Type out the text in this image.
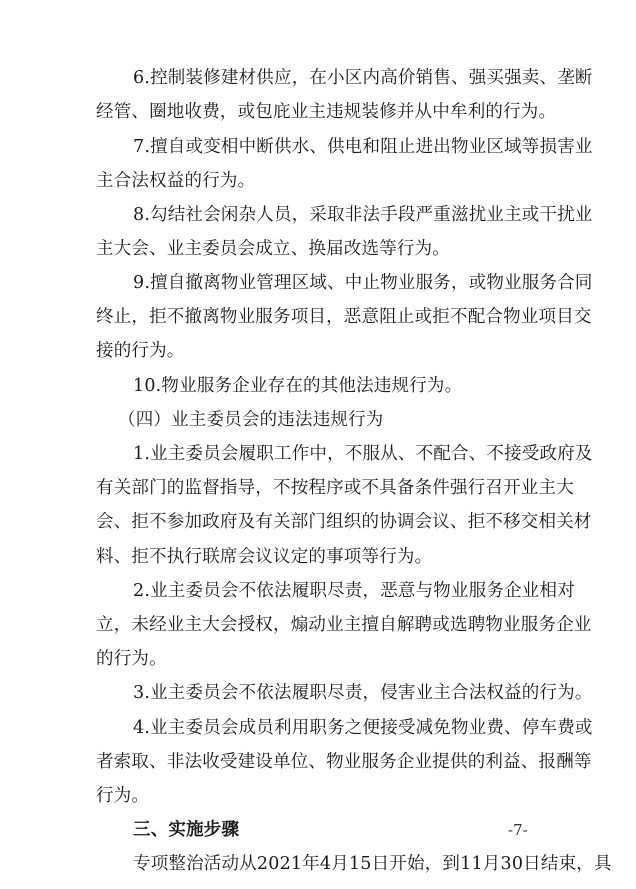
6.控制装修建材供应，在小区内高价销售、强买强卖、垄断
经管、圈地收费，或包庇业主违规装修并从中牟利的行为。
7.擅自或变相中断供水、供电和阻止进出物业区域等损害业
主合法权益的行为。
8.勾结社会闲杂人员，采取非法手段严重滋扰业主或干扰业
主大会、业主委员会成立、换届改选等行为。
9.擅自撤离物业管理区域、中止物业服务，或物业服务合同
终止，拒不撤离物业服务项目，恶意阻止或拒不配合物业项目交
接的行为。
10.物业服务企业存在的其他法违规行为。
（四）业主委员会的违法违规行为
1.业主委员会履职工作中，不服从、不配合、不接受政府及
有关部门的监督指导，不按程序或不具备条件强行召开业主大
会、拒不参加政府及有关部门组织的协调会议、拒不移交相关材
料、拒不执行联席会议议定的事项等行为。
2.业主委员会不依法履职尽责，恶意与物业服务企业相对
立，未经业主大会授权，煽动业主擅自解聘或选聘物业服务企业
的行为。
3.业主委员会不依法履职尽责，侵害业主合法权益的行为。
4.业主委员会成员利用职务之便接受减免物业费、停车费或
者索取、非法收受建设单位、物业服务企业提供的利益、报酬等
行为。
三、实施步骤
专项整治活动从2021年4月15日开始，到11月30日结束，具
-7-
